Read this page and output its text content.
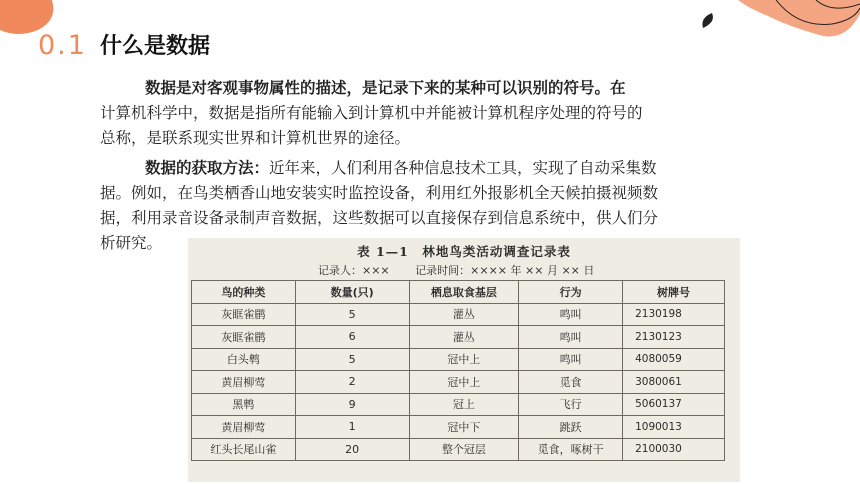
0.1 什么是数据
数据是对客观事物属性的描述，是记录下来的某种可以识别的符号。在
计算机科学中，数据是指所有能输入到计算机中并能被计算机程序处理的符号的
总称，是联系现实世界和计算机世界的途径。
数据的获取方法：近年来，人们利用各种信息技术工具，实现了自动采集数
据。例如，在鸟类栖香山地安装实时监控设备，利用红外报影机全天候拍摄视频数
据，利用录音设备录制声音数据，这些数据可以直接保存到信息系统中，供人们分
析研究。	表 1—1　林地鸟类活动调查记录表
记录人：××× 记录时间：×××× 年 ×× 月 ×× 日
鸟的种类	数量(只)	栖息取食基层	行为	树牌号
灰眶雀鹛	5	灌丛	鸣叫	2130198
灰眶雀鹛	6	灌丛	鸣叫	2130123
白头鹎	5	冠中上	鸣叫	4080059
黄眉柳莺	2	冠中上	觅食	3080061
黑鹎	9	冠上	飞行	5060137
黄眉柳莺	1	冠中下	跳跃	1090013
红头长尾山雀	20	整个冠层	觅食，啄树干	2100030
